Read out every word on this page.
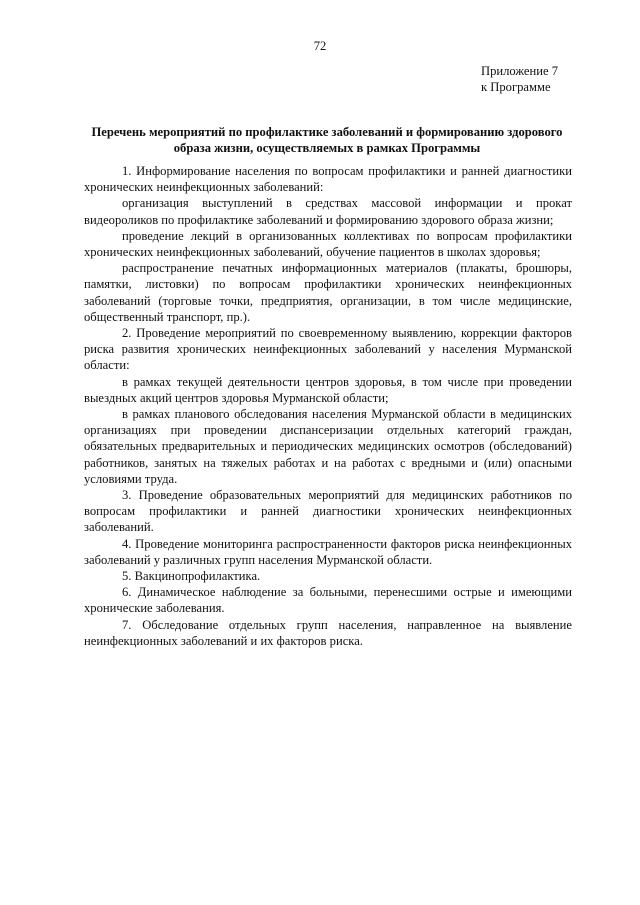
72
Приложение 7
к Программе
Перечень мероприятий по профилактике заболеваний и формированию здорового образа жизни, осуществляемых в рамках Программы

1. Информирование населения по вопросам профилактики и ранней диагностики хронических неинфекционных заболеваний:

организация выступлений в средствах массовой информации и прокат видеороликов по профилактике заболеваний и формированию здорового образа жизни;

проведение лекций в организованных коллективах по вопросам профилактики хронических неинфекционных заболеваний, обучение пациентов в школах здоровья;

распространение печатных информационных материалов (плакаты, брошюры, памятки, листовки) по вопросам профилактики хронических неинфекционных заболеваний (торговые точки, предприятия, организации, в том числе медицинские, общественный транспорт, пр.).

2. Проведение мероприятий по своевременному выявлению, коррекции факторов риска развития хронических неинфекционных заболеваний у населения Мурманской области:

в рамках текущей деятельности центров здоровья, в том числе при проведении выездных акций центров здоровья Мурманской области;

в рамках планового обследования населения Мурманской области в медицинских организациях при проведении диспансеризации отдельных категорий граждан, обязательных предварительных и периодических медицинских осмотров (обследований) работников, занятых на тяжелых работах и на работах с вредными и (или) опасными условиями труда.

3. Проведение образовательных мероприятий для медицинских работников по вопросам профилактики и ранней диагностики хронических неинфекционных заболеваний.

4. Проведение мониторинга распространенности факторов риска неинфекционных заболеваний у различных групп населения Мурманской области.

5. Вакцинопрофилактика.

6. Динамическое наблюдение за больными, перенесшими острые и имеющими хронические заболевания.

7. Обследование отдельных групп населения, направленное на выявление неинфекционных заболеваний и их факторов риска.
